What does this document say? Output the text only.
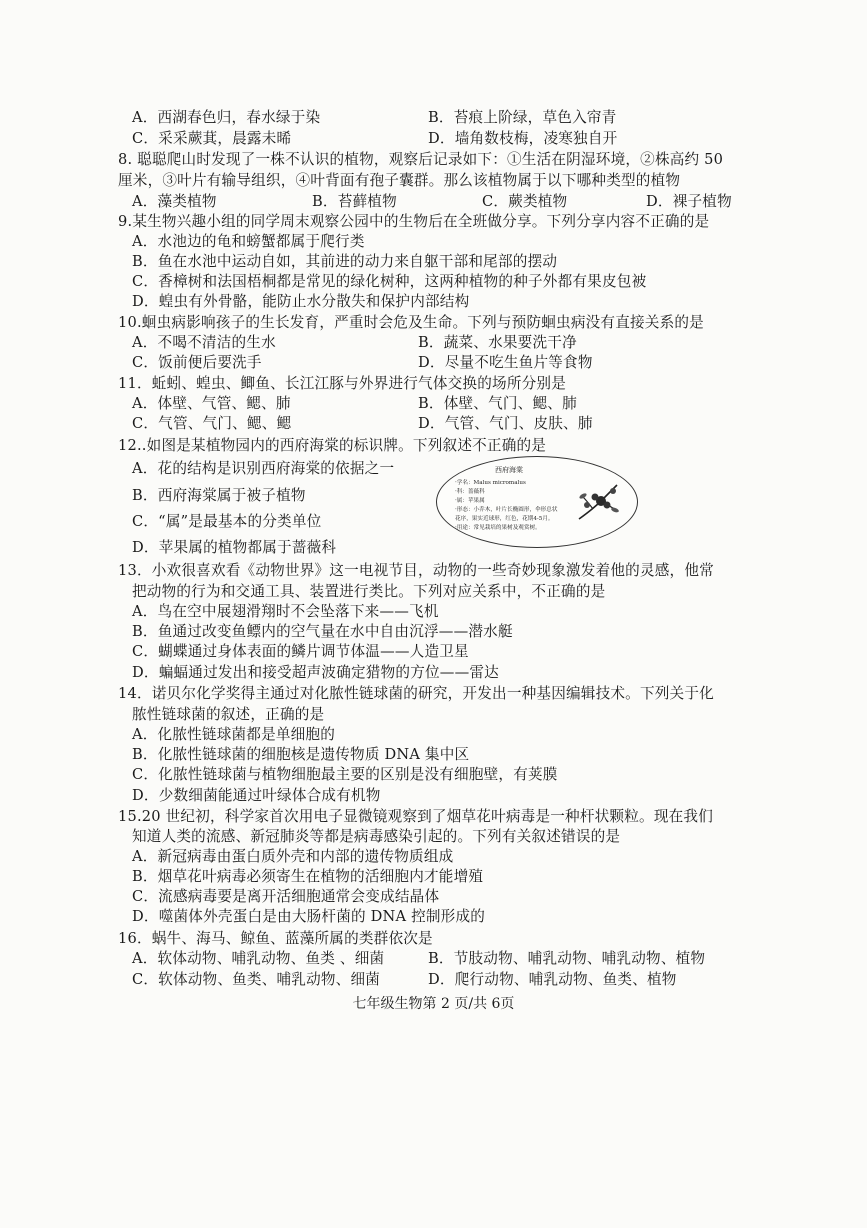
A．西湖春色归，春水绿于染	B．苔痕上阶绿，草色入帘青
C．采采蕨萁，晨露未晞	D．墙角数枝梅，凌寒独自开
8. 聪聪爬山时发现了一株不认识的植物，观察后记录如下：①生活在阴湿环境，②株高约 50
厘米，③叶片有输导组织，④叶背面有孢子囊群。那么该植物属于以下哪种类型的植物
A．藻类植物	B．苔藓植物	C．蕨类植物	D．裸子植物
9.某生物兴趣小组的同学周末观察公园中的生物后在全班做分享。下列分享内容不正确的是
A．水池边的龟和螃蟹都属于爬行类
B．鱼在水池中运动自如，其前进的动力来自躯干部和尾部的摆动
C．香樟树和法国梧桐都是常见的绿化树种，这两种植物的种子外都有果皮包被
D．蝗虫有外骨骼，能防止水分散失和保护内部结构
10.蛔虫病影响孩子的生长发育，严重时会危及生命。下列与预防蛔虫病没有直接关系的是
A．不喝不清洁的生水	B．蔬菜、水果要洗干净
C．饭前便后要洗手	D．尽量不吃生鱼片等食物
11．蚯蚓、蝗虫、鲫鱼、长江江豚与外界进行气体交换的场所分别是
A．体壁、气管、鳃、肺	B．体壁、气门、鳃、肺
C．气管、气门、鳃、鳃	D．气管、气门、皮肤、肺
12..如图是某植物园内的西府海棠的标识牌。下列叙述不正确的是
A．花的结构是识别西府海棠的依据之一
B．西府海棠属于被子植物
C．“属”是最基本的分类单位
D．苹果属的植物都属于蔷薇科
西府海棠
·学名：Malus micromalus
·科：蔷薇科
·属：苹果属
·形态：小乔木，叶片长椭圆形，伞形总状
花序，果实近球形，红色，花期4-5月。
·用途：常见栽培的果树及观赏树。
13．小欢很喜欢看《动物世界》这一电视节目，动物的一些奇妙现象激发着他的灵感，他常
把动物的行为和交通工具、装置进行类比。下列对应关系中，不正确的是
A．鸟在空中展翅滑翔时不会坠落下来——飞机
B．鱼通过改变鱼鳔内的空气量在水中自由沉浮——潜水艇
C．蝴蝶通过身体表面的鳞片调节体温——人造卫星
D．蝙蝠通过发出和接受超声波确定猎物的方位——雷达
14．诺贝尔化学奖得主通过对化脓性链球菌的研究，开发出一种基因编辑技术。下列关于化
脓性链球菌的叙述，正确的是
A．化脓性链球菌都是单细胞的
B．化脓性链球菌的细胞核是遗传物质 DNA 集中区
C．化脓性链球菌与植物细胞最主要的区别是没有细胞壁，有荚膜
D．少数细菌能通过叶绿体合成有机物
15.20 世纪初，科学家首次用电子显微镜观察到了烟草花叶病毒是一种杆状颗粒。现在我们
知道人类的流感、新冠肺炎等都是病毒感染引起的。下列有关叙述错误的是
A．新冠病毒由蛋白质外壳和内部的遗传物质组成
B．烟草花叶病毒必须寄生在植物的活细胞内才能增殖
C．流感病毒要是离开活细胞通常会变成结晶体
D．噬菌体外壳蛋白是由大肠杆菌的 DNA 控制形成的
16．蜗牛、海马、鲸鱼、蓝藻所属的类群依次是
A．软体动物、哺乳动物、鱼类 、细菌	B．节肢动物、哺乳动物、哺乳动物、植物
C．软体动物、鱼类、哺乳动物、细菌	D．爬行动物、哺乳动物、鱼类、植物
七年级生物第 2 页/共 6页
